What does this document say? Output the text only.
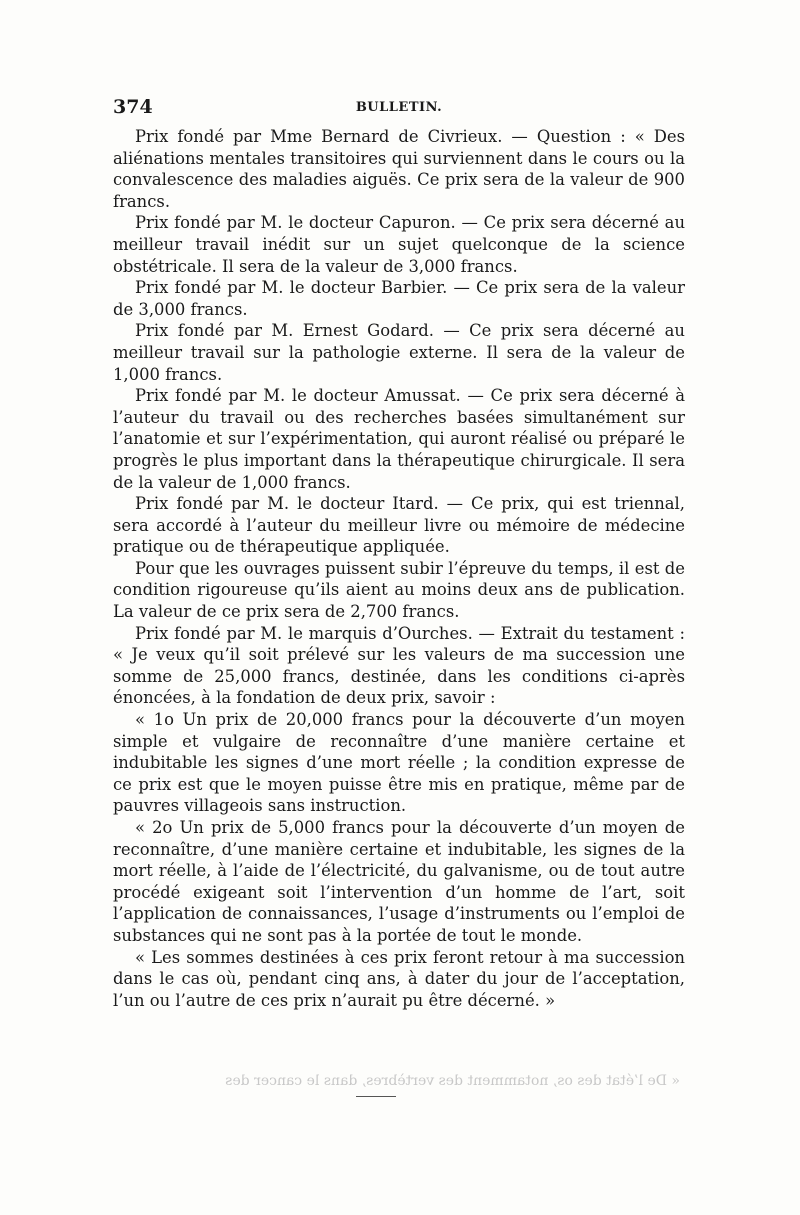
374	BULLETIN.

Prix fondé par Mme Bernard de Civrieux. — Question : « Des aliénations mentales transitoires qui surviennent dans le cours ou la convalescence des maladies aiguës. Ce prix sera de la valeur de 900 francs.

Prix fondé par M. le docteur Capuron. — Ce prix sera décerné au meilleur travail inédit sur un sujet quelconque de la science obstétricale. Il sera de la valeur de 3,000 francs.

Prix fondé par M. le docteur Barbier. — Ce prix sera de la valeur de 3,000 francs.

Prix fondé par M. Ernest Godard. — Ce prix sera décerné au meilleur travail sur la pathologie externe. Il sera de la valeur de 1,000 francs.

Prix fondé par M. le docteur Amussat. — Ce prix sera décerné à l’auteur du travail ou des recherches basées simultanément sur l’anatomie et sur l’expérimentation, qui auront réalisé ou préparé le progrès le plus important dans la thérapeutique chirurgicale. Il sera de la valeur de 1,000 francs.

Prix fondé par M. le docteur Itard. — Ce prix, qui est triennal, sera accordé à l’auteur du meilleur livre ou mémoire de médecine pratique ou de thérapeutique appliquée.

Pour que les ouvrages puissent subir l’épreuve du temps, il est de condition rigoureuse qu’ils aient au moins deux ans de publication. La valeur de ce prix sera de 2,700 francs.

Prix fondé par M. le marquis d’Ourches. — Extrait du testament : « Je veux qu’il soit prélevé sur les valeurs de ma succession une somme de 25,000 francs, destinée, dans les conditions ci-après énoncées, à la fondation de deux prix, savoir :

« 1o Un prix de 20,000 francs pour la découverte d’un moyen simple et vulgaire de reconnaître d’une manière certaine et indubitable les signes d’une mort réelle ; la condition expresse de ce prix est que le moyen puisse être mis en pratique, même par de pauvres villageois sans instruction.

« 2o Un prix de 5,000 francs pour la découverte d’un moyen de reconnaître, d’une manière certaine et indubitable, les signes de la mort réelle, à l’aide de l’électricité, du galvanisme, ou de tout autre procédé exigeant soit l’intervention d’un homme de l’art, soit l’application de connaissances, l’usage d’instruments ou l’emploi de substances qui ne sont pas à la portée de tout le monde.

« Les sommes destinées à ces prix feront retour à ma succession dans le cas où, pendant cinq ans, à dater du jour de l’acceptation, l’un ou l’autre de ces prix n’aurait pu être décerné. »

« De l’état des os, notamment des vertèbres, dans le cancer des
